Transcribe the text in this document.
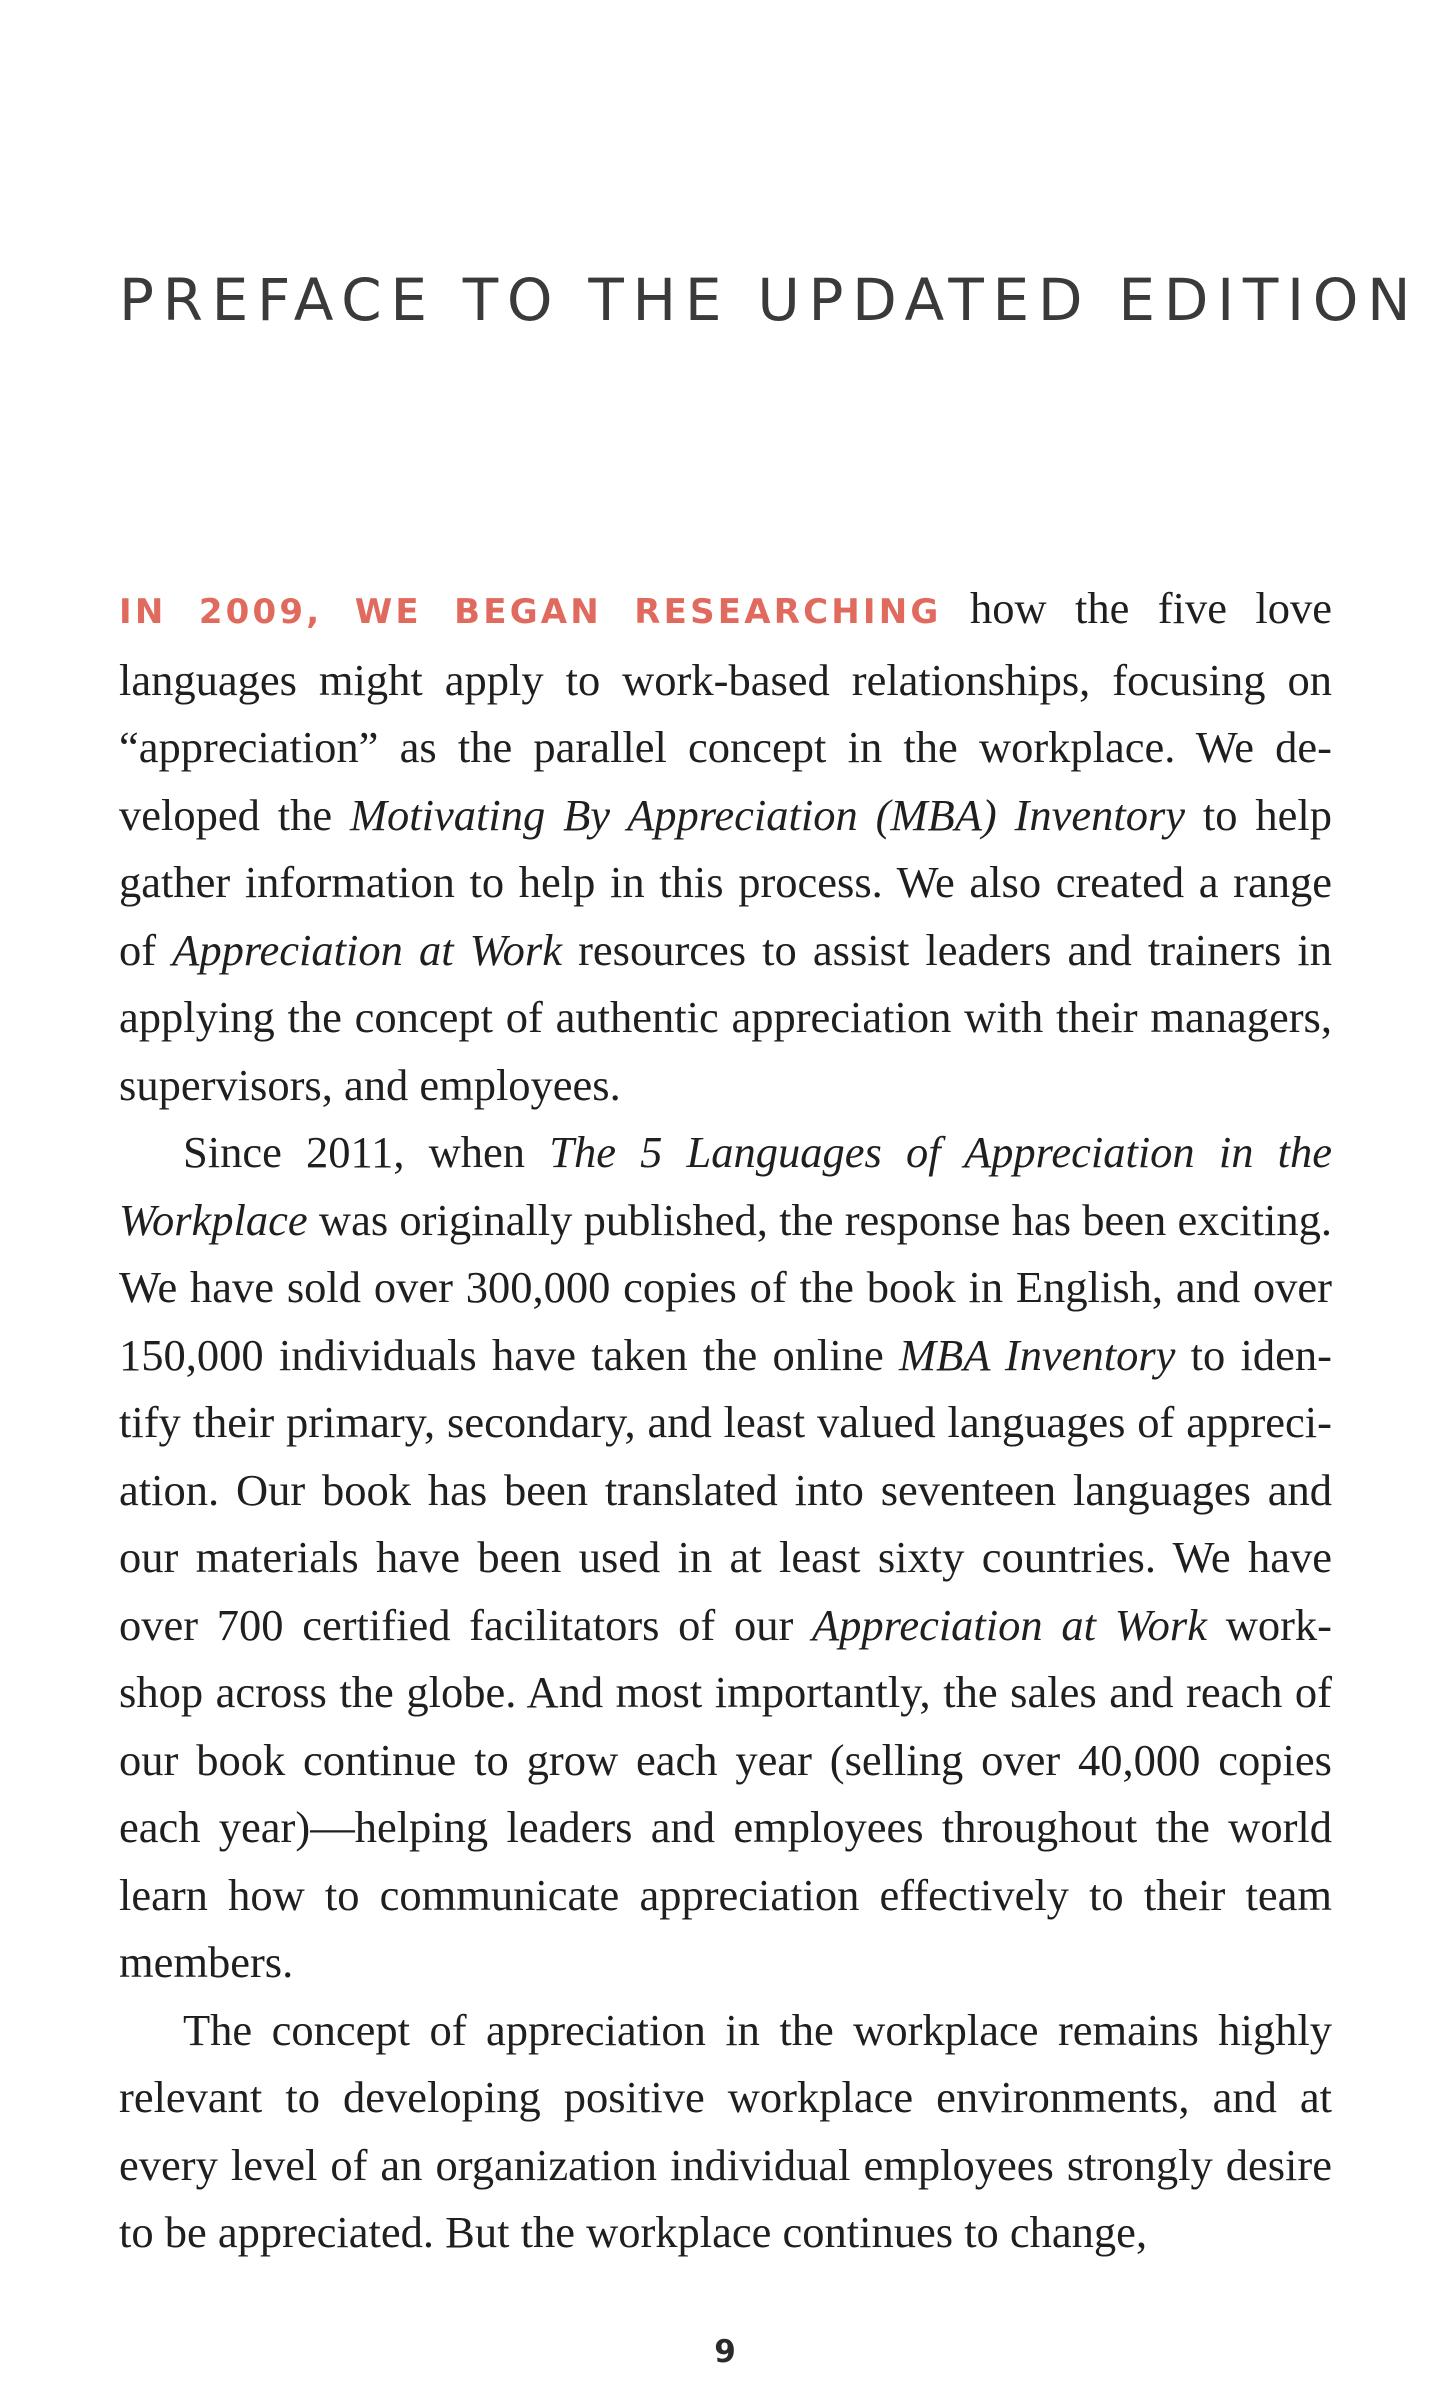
PREFACE TO THE UPDATED EDITION

IN 2009, WE BEGAN RESEARCHING how the five love languages might apply to work-based relationships, focusing on “appreciation” as the parallel concept in the workplace. We developed the Motivating By Appreciation (MBA) Inventory to help gather information to help in this process. We also created a range of Appreciation at Work resources to assist leaders and trainers in applying the concept of authentic appreciation with their managers, supervisors, and employees.

Since 2011, when The 5 Languages of Appreciation in the Workplace was originally published, the response has been exciting. We have sold over 300,000 copies of the book in English, and over 150,000 individuals have taken the online MBA Inventory to identify their primary, secondary, and least valued languages of appreciation. Our book has been translated into seventeen languages and our materials have been used in at least sixty countries. We have over 700 certified facilitators of our Appreciation at Work workshop across the globe. And most importantly, the sales and reach of our book continue to grow each year (selling over 40,000 copies each year)—helping leaders and employees throughout the world learn how to communicate appreciation effectively to their team members.

The concept of appreciation in the workplace remains highly relevant to developing positive workplace environments, and at every level of an organization individual employees strongly desire to be appreciated. But the workplace continues to change,

9
